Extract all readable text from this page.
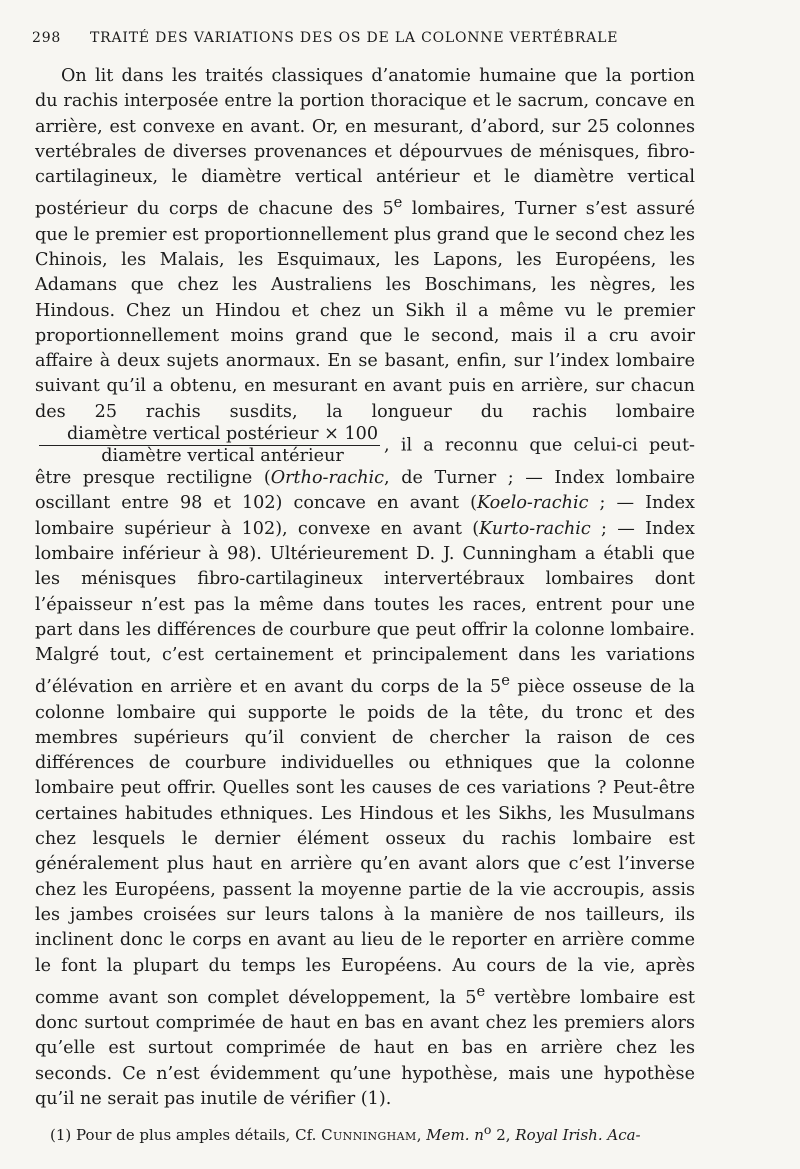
298 TRAITÉ DES VARIATIONS DES OS DE LA COLONNE VERTÉBRALE

On lit dans les traités classiques d’anatomie humaine que la portion du rachis interposée entre la portion thoracique et le sacrum, concave en arrière, est convexe en avant. Or, en mesurant, d’abord, sur 25 colonnes vertébrales de diverses provenances et dépourvues de ménisques, fibro-cartilagineux, le diamètre vertical antérieur et le diamètre vertical postérieur du corps de chacune des 5e lombaires, Turner s’est assuré que le premier est proportionnellement plus grand que le second chez les Chinois, les Malais, les Esquimaux, les Lapons, les Européens, les Adamans que chez les Australiens les Boschimans, les nègres, les Hindous. Chez un Hindou et chez un Sikh il a même vu le premier proportionnellement moins grand que le second, mais il a cru avoir affaire à deux sujets anormaux. En se basant, enfin, sur l’index lombaire suivant qu’il a obtenu, en mesurant en avant puis en arrière, sur chacun des 25 rachis susdits, la longueur du rachis lombaire
diamètre vertical postérieur × 100
diamètre vertical antérieur
, il a reconnu que celui-ci peut-être presque rectiligne (Ortho-rachic, de Turner ; — Index lombaire oscillant entre 98 et 102) concave en avant (Koelo-rachic ; — Index lombaire supérieur à 102), convexe en avant (Kurto-rachic ; — Index lombaire inférieur à 98). Ultérieurement D. J. Cunningham a établi que les ménisques fibro-cartilagineux intervertébraux lombaires dont l’épaisseur n’est pas la même dans toutes les races, entrent pour une part dans les différences de courbure que peut offrir la colonne lombaire. Malgré tout, c’est certainement et principalement dans les variations d’élévation en arrière et en avant du corps de la 5e pièce osseuse de la colonne lombaire qui supporte le poids de la tête, du tronc et des membres supérieurs qu’il convient de chercher la raison de ces différences de courbure individuelles ou ethniques que la colonne lombaire peut offrir. Quelles sont les causes de ces variations ? Peut-être certaines habitudes ethniques. Les Hindous et les Sikhs, les Musulmans chez lesquels le dernier élément osseux du rachis lombaire est généralement plus haut en arrière qu’en avant alors que c’est l’inverse chez les Européens, passent la moyenne partie de la vie accroupis, assis les jambes croisées sur leurs talons à la manière de nos tailleurs, ils inclinent donc le corps en avant au lieu de le reporter en arrière comme le font la plupart du temps les Européens. Au cours de la vie, après comme avant son complet développement, la 5e vertèbre lombaire est donc surtout comprimée de haut en bas en avant chez les premiers alors qu’elle est surtout comprimée de haut en bas en arrière chez les seconds. Ce n’est évidemment qu’une hypothèse, mais une hypothèse qu’il ne serait pas inutile de vérifier (1).

(1) Pour de plus amples détails, Cf. Cunningham, Mem. $n^o$ 2, Royal Irish. Aca-
